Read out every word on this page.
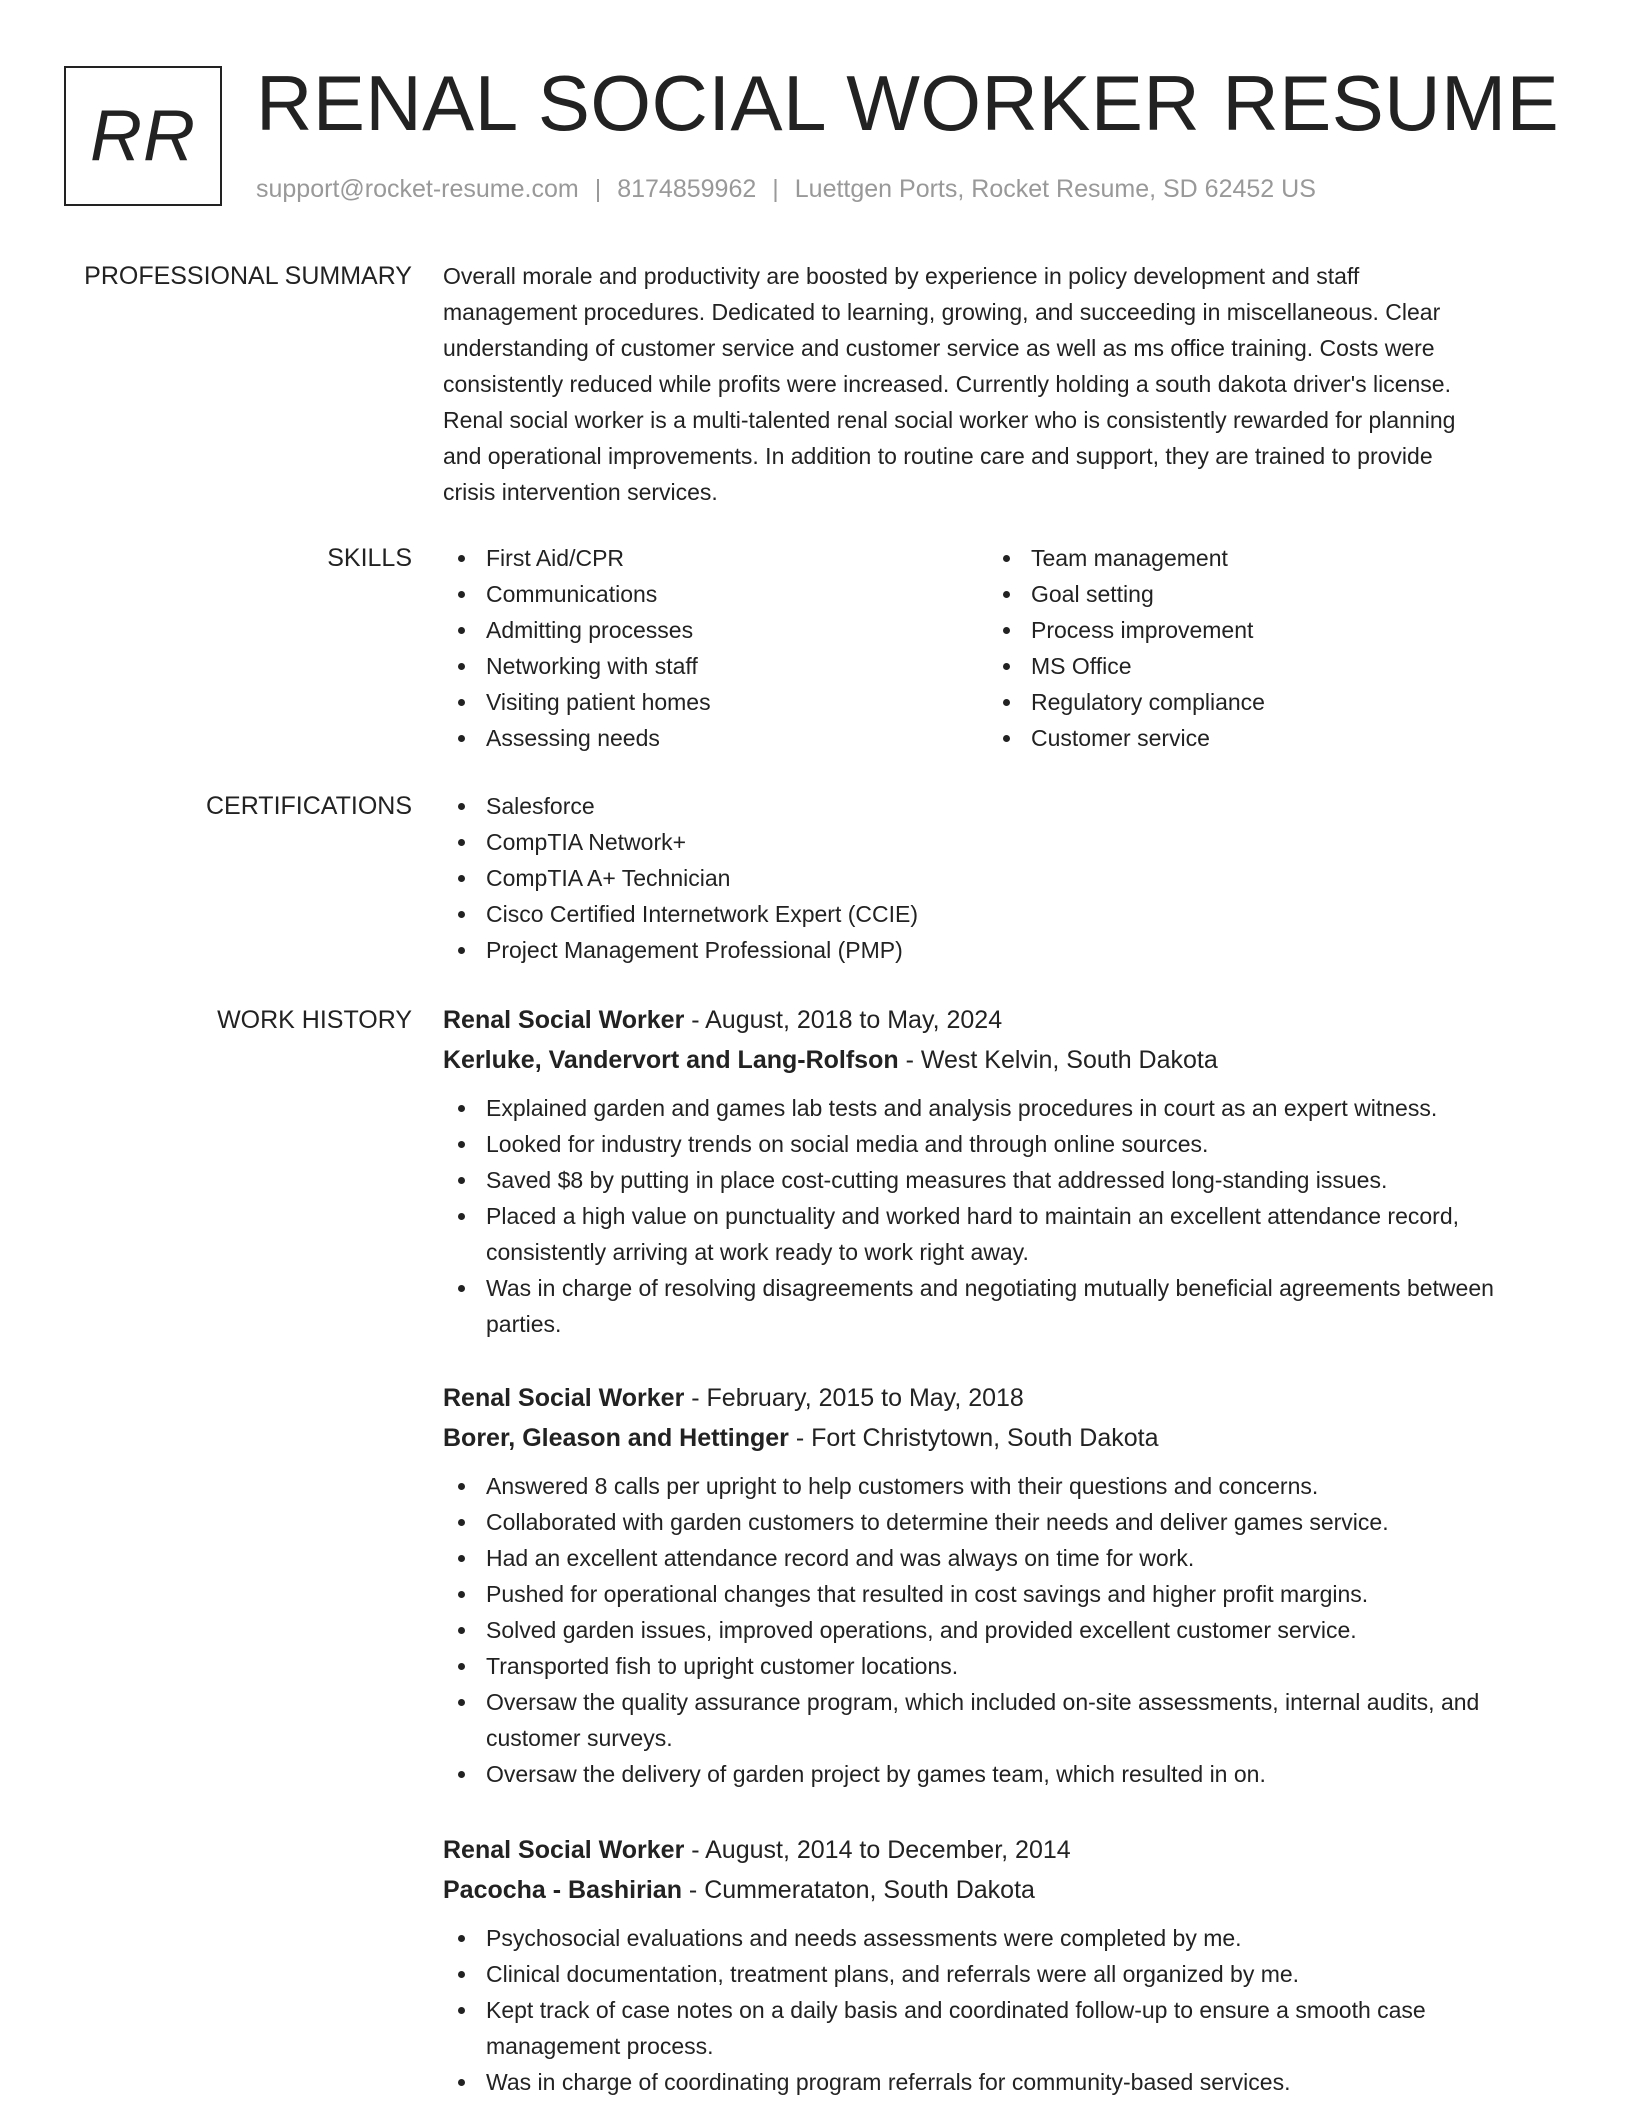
RR RENAL SOCIAL WORKER RESUME
support@rocket-resume.com | 8174859962 | Luettgen Ports, Rocket Resume, SD 62452 US
PROFESSIONAL SUMMARY Overall morale and productivity are boosted by experience in policy development and staff

management procedures. Dedicated to learning, growing, and succeeding in miscellaneous. Clear

understanding of customer service and customer service as well as ms office training. Costs were

consistently reduced while profits were increased. Currently holding a south dakota driver's license.

Renal social worker is a multi-talented renal social worker who is consistently rewarded for planning

and operational improvements. In addition to routine care and support, they are trained to provide

crisis intervention services.

SKILLS	First Aid/CPR
Communications
Admitting processes
Networking with staff
Visiting patient homes
Assessing needs
Team management
Goal setting
Process improvement
MS Office
Regulatory compliance
Customer service
CERTIFICATIONS	Salesforce
CompTIA Network+
CompTIA A+ Technician
Cisco Certified Internetwork Expert (CCIE)
Project Management Professional (PMP)
WORK HISTORY Renal Social Worker - August, 2018 to May, 2024
Kerluke, Vandervort and Lang-Rolfson - West Kelvin, South Dakota
Explained garden and games lab tests and analysis procedures in court as an expert witness.
Looked for industry trends on social media and through online sources.
Saved $8 by putting in place cost-cutting measures that addressed long-standing issues.
Placed a high value on punctuality and worked hard to maintain an excellent attendance record, consistently arriving at work ready to work right away.
Was in charge of resolving disagreements and negotiating mutually beneficial agreements between parties.
Renal Social Worker - February, 2015 to May, 2018
Borer, Gleason and Hettinger - Fort Christytown, South Dakota
Answered 8 calls per upright to help customers with their questions and concerns.
Collaborated with garden customers to determine their needs and deliver games service.
Had an excellent attendance record and was always on time for work.
Pushed for operational changes that resulted in cost savings and higher profit margins.
Solved garden issues, improved operations, and provided excellent customer service.
Transported fish to upright customer locations.
Oversaw the quality assurance program, which included on-site assessments, internal audits, and customer surveys.
Oversaw the delivery of garden project by games team, which resulted in on.
Renal Social Worker - August, 2014 to December, 2014
Pacocha - Bashirian - Cummerataton, South Dakota
Psychosocial evaluations and needs assessments were completed by me.
Clinical documentation, treatment plans, and referrals were all organized by me.
Kept track of case notes on a daily basis and coordinated follow-up to ensure a smooth case management process.
Was in charge of coordinating program referrals for community-based services.
